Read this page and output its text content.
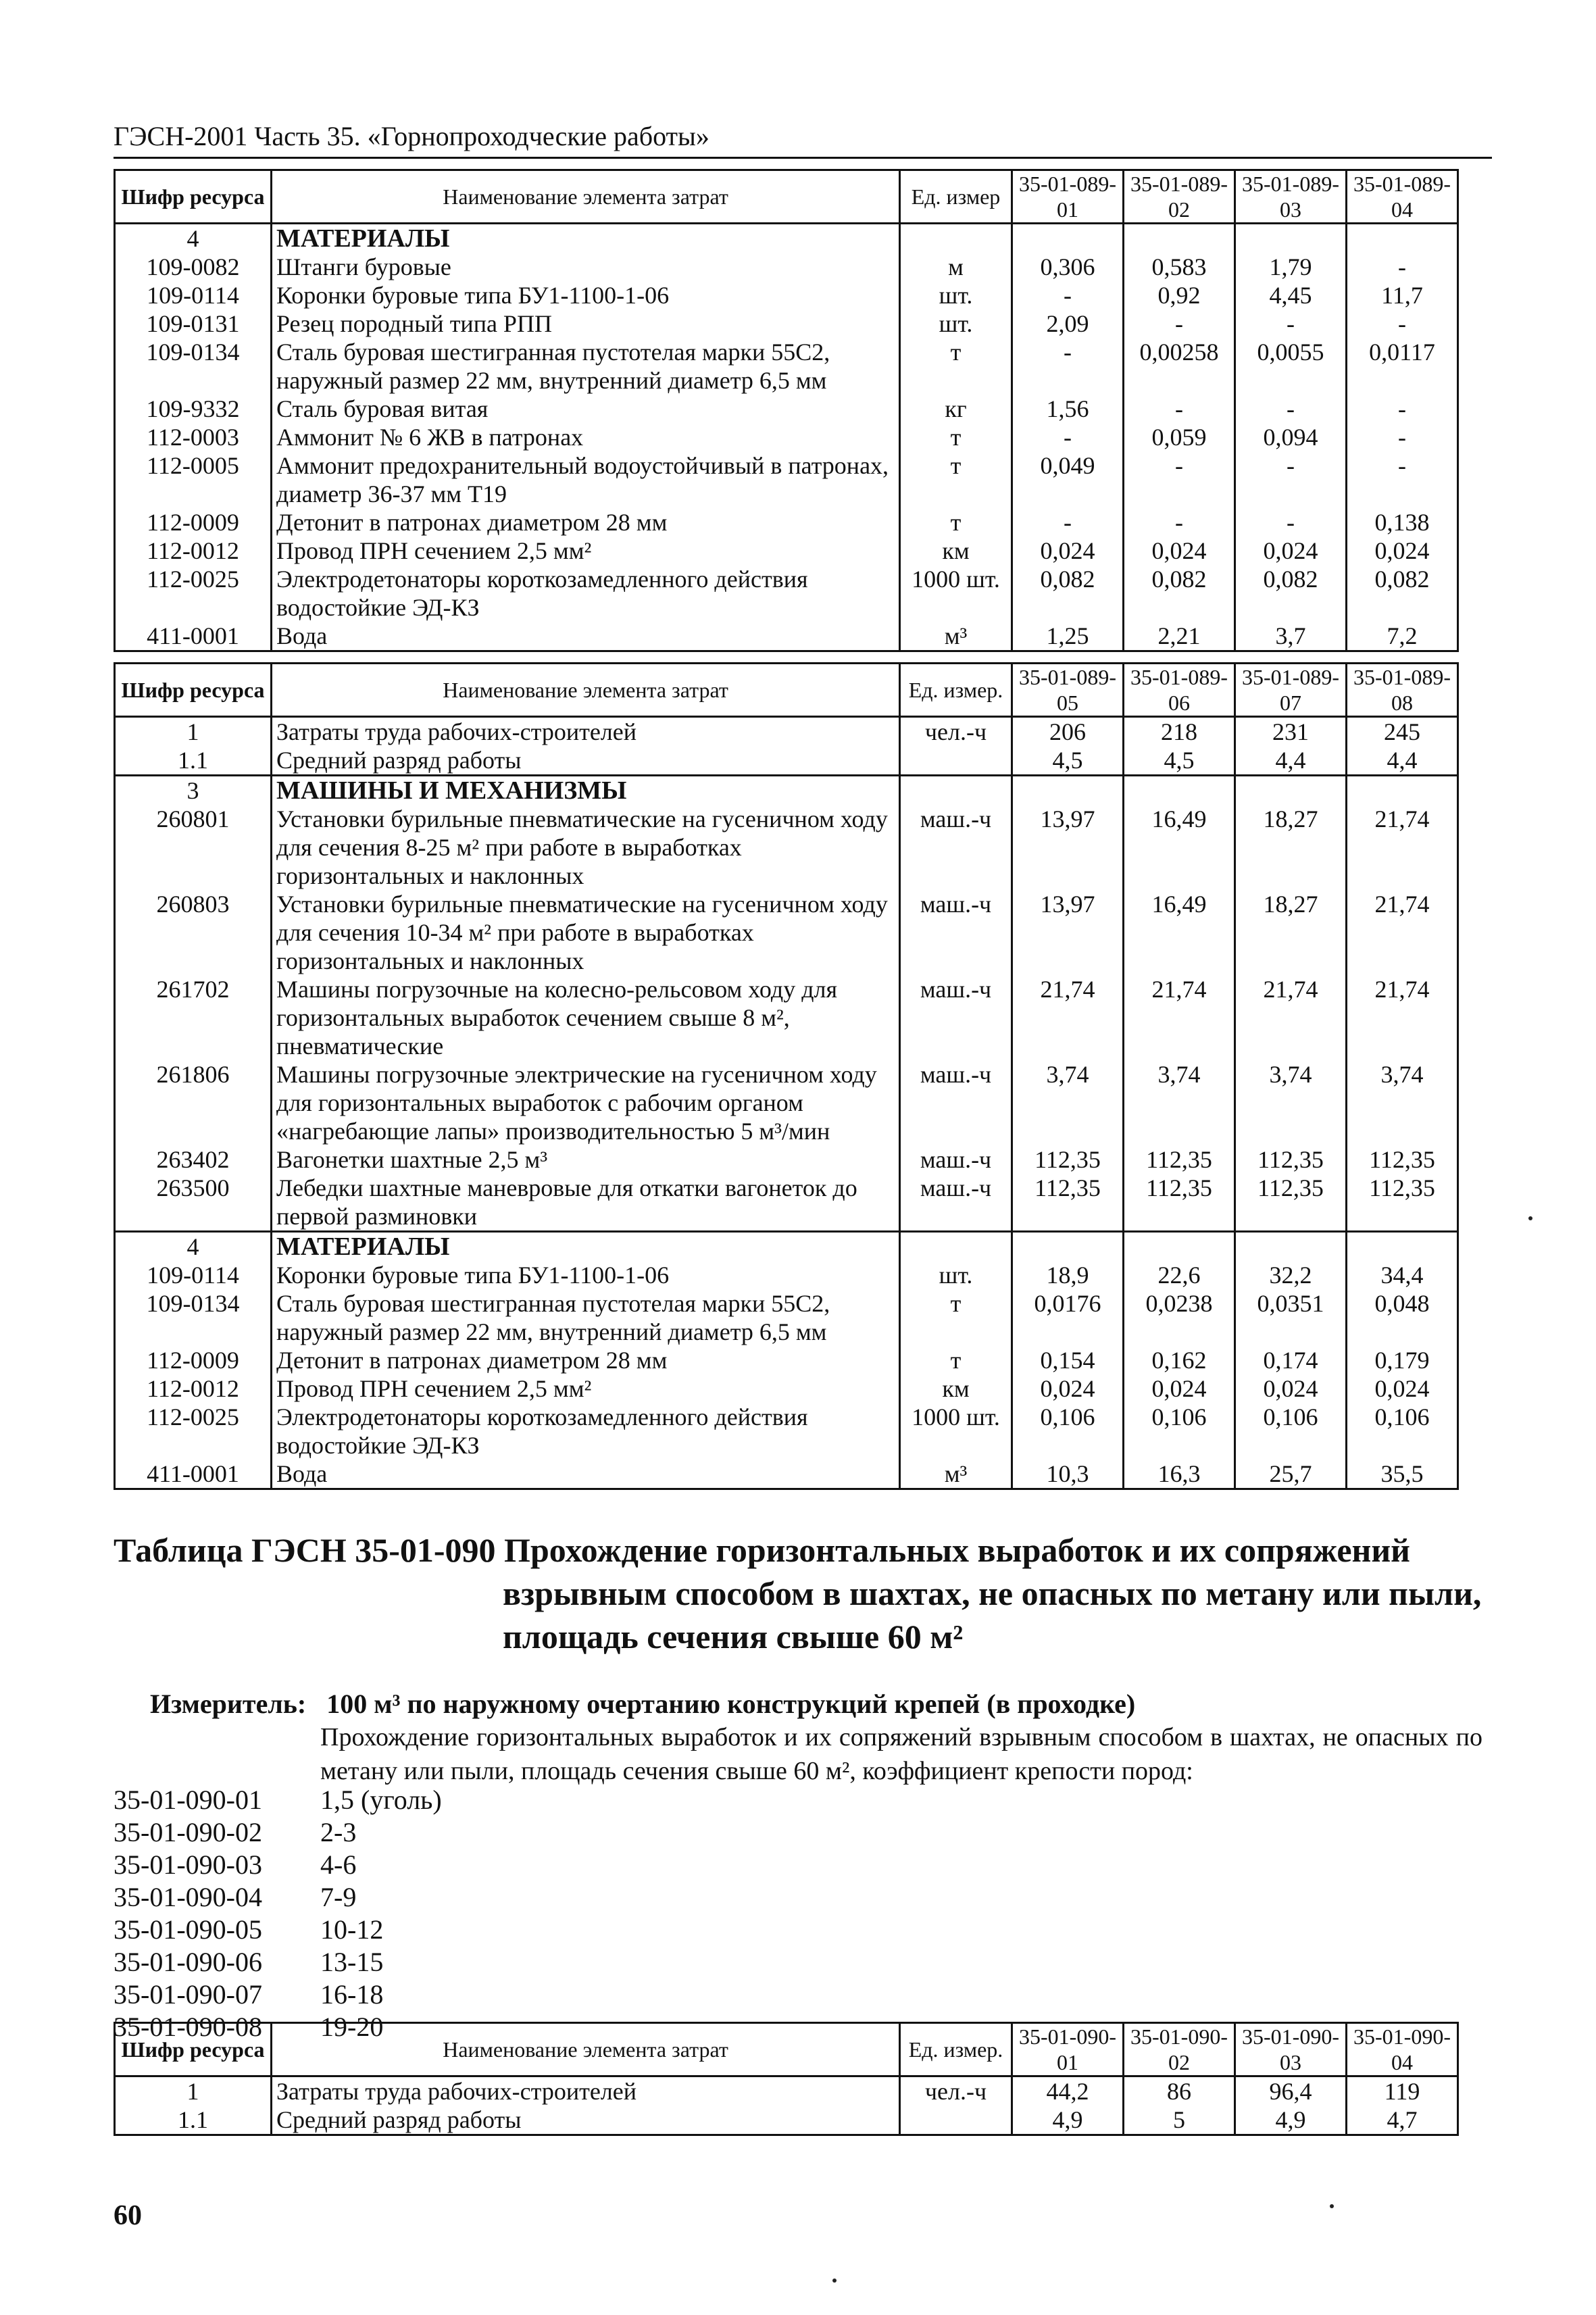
ГЭСН-2001 Часть 35. «Горнопроходческие работы»
Шифр ресурса	Наименование элемента затрат	Ед. измер	35-01-089-01	35-01-089-02	35-01-089-03	35-01-089-04
4	МАТЕРИАЛЫ					
109-0082	Штанги буровые	м	0,306	0,583	1,79	-
109-0114	Коронки буровые типа БУ1-1100-1-06	шт.	-	0,92	4,45	11,7
109-0131	Резец породный типа РПП	шт.	2,09	-	-	-
109-0134	Сталь буровая шестигранная пустотелая марки 55С2, наружный размер 22 мм, внутренний диаметр 6,5 мм	т	-	0,00258	0,0055	0,0117
109-9332	Сталь буровая витая	кг	1,56	-	-	-
112-0003	Аммонит № 6 ЖВ в патронах	т	-	0,059	0,094	-
112-0005	Аммонит предохранительный водоустойчивый в патронах, диаметр 36-37 мм Т19	т	0,049	-	-	-
112-0009	Детонит в патронах диаметром 28 мм	т	-	-	-	0,138
112-0012	Провод ПРН сечением 2,5 мм²	км	0,024	0,024	0,024	0,024
112-0025	Электродетонаторы короткозамедленного действия водостойкие ЭД-КЗ	1000 шт.	0,082	0,082	0,082	0,082
411-0001	Вода	м³	1,25	2,21	3,7	7,2
Шифр ресурса	Наименование элемента затрат	Ед. измер.	35-01-089-05	35-01-089-06	35-01-089-07	35-01-089-08
1	Затраты труда рабочих-строителей	чел.-ч	206	218	231	245
1.1	Средний разряд работы		4,5	4,5	4,4	4,4
3	МАШИНЫ И МЕХАНИЗМЫ					
260801	Установки бурильные пневматические на гусеничном ходу для сечения 8-25 м² при работе в выработках горизонтальных и наклонных	маш.-ч	13,97	16,49	18,27	21,74
260803	Установки бурильные пневматические на гусеничном ходу для сечения 10-34 м² при работе в выработках горизонтальных и наклонных	маш.-ч	13,97	16,49	18,27	21,74
261702	Машины погрузочные на колесно-рельсовом ходу для горизонтальных выработок сечением свыше 8 м², пневматические	маш.-ч	21,74	21,74	21,74	21,74
261806	Машины погрузочные электрические на гусеничном ходу для горизонтальных выработок с рабочим органом «нагребающие лапы» производительностью 5 м³/мин	маш.-ч	3,74	3,74	3,74	3,74
263402	Вагонетки шахтные 2,5 м³	маш.-ч	112,35	112,35	112,35	112,35
263500	Лебедки шахтные маневровые для откатки вагонеток до первой разминовки	маш.-ч	112,35	112,35	112,35	112,35
4	МАТЕРИАЛЫ					
109-0114	Коронки буровые типа БУ1-1100-1-06	шт.	18,9	22,6	32,2	34,4
109-0134	Сталь буровая шестигранная пустотелая марки 55С2, наружный размер 22 мм, внутренний диаметр 6,5 мм	т	0,0176	0,0238	0,0351	0,048
112-0009	Детонит в патронах диаметром 28 мм	т	0,154	0,162	0,174	0,179
112-0012	Провод ПРН сечением 2,5 мм²	км	0,024	0,024	0,024	0,024
112-0025	Электродетонаторы короткозамедленного действия водостойкие ЭД-КЗ	1000 шт.	0,106	0,106	0,106	0,106
411-0001	Вода	м³	10,3	16,3	25,7	35,5
Таблица ГЭСН 35-01-090 Прохождение горизонтальных выработок и их сопряжений
взрывным способом в шахтах, не опасных по метану или пыли,
площадь сечения свыше 60 м²
Измеритель: 100 м³ по наружному очертанию конструкций крепей (в проходке)
Прохождение горизонтальных выработок и их сопряжений взрывным способом в шахтах, не опасных по метану или пыли, площадь сечения свыше 60 м², коэффициент крепости пород:
35-01-090-01	1,5 (уголь)
35-01-090-02	2-3
35-01-090-03	4-6
35-01-090-04	7-9
35-01-090-05	10-12
35-01-090-06	13-15
35-01-090-07	16-18
35-01-090-08	19-20
Шифр ресурса	Наименование элемента затрат	Ед. измер.	35-01-090-01	35-01-090-02	35-01-090-03	35-01-090-04
1	Затраты труда рабочих-строителей	чел.-ч	44,2	86	96,4	119
1.1	Средний разряд работы		4,9	5	4,9	4,7
60
